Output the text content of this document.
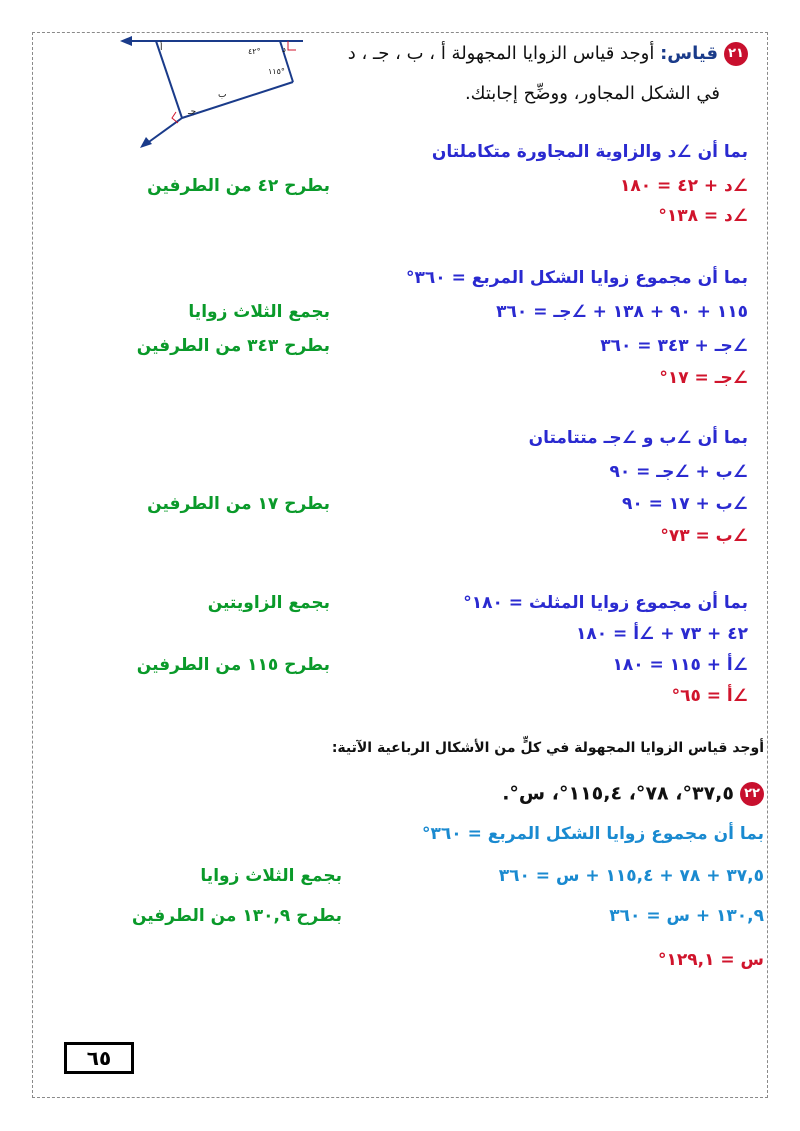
أ
جـ
ب
د
٤٢°
١١٥°
٢١قياس: أوجد قياس الزوايا المجهولة أ ، ب ، جـ ، د
في الشكل المجاور، ووضِّح إجابتك.
بما أن ∠د والزاوية المجاورة متكاملتان
∠د + ٤٢ = ١٨٠
بطرح ٤٢ من الطرفين
∠د = ١٣٨°
بما أن مجموع زوايا الشكل المربع = ٣٦٠°
١١٥ + ٩٠ + ١٣٨ + ∠جـ = ٣٦٠
بجمع الثلاث زوايا
∠جـ + ٣٤٣ = ٣٦٠
بطرح ٣٤٣ من الطرفين
∠جـ = ١٧°
بما أن ∠ب و ∠جـ متتامتان
∠ب + ∠جـ = ٩٠
∠ب + ١٧ = ٩٠
بطرح ١٧ من الطرفين
∠ب = ٧٣°
بما أن مجموع زوايا المثلث = ١٨٠°
بجمع الزاويتين
٤٢ + ٧٣ + ∠أ = ١٨٠
∠أ + ١١٥ = ١٨٠
بطرح ١١٥ من الطرفين
∠أ = ٦٥°
أوجد قياس الزوايا المجهولة في كلٍّ من الأشكال الرباعية الآتية:
٢٢٣٧,٥°، ٧٨°، ١١٥,٤°، س°.
بما أن مجموع زوايا الشكل المربع = ٣٦٠°
٣٧,٥ + ٧٨ + ١١٥,٤ + س = ٣٦٠
بجمع الثلاث زوايا
١٣٠,٩ + س = ٣٦٠
بطرح ١٣٠,٩ من الطرفين
س = ١٢٩,١°
٦٥
